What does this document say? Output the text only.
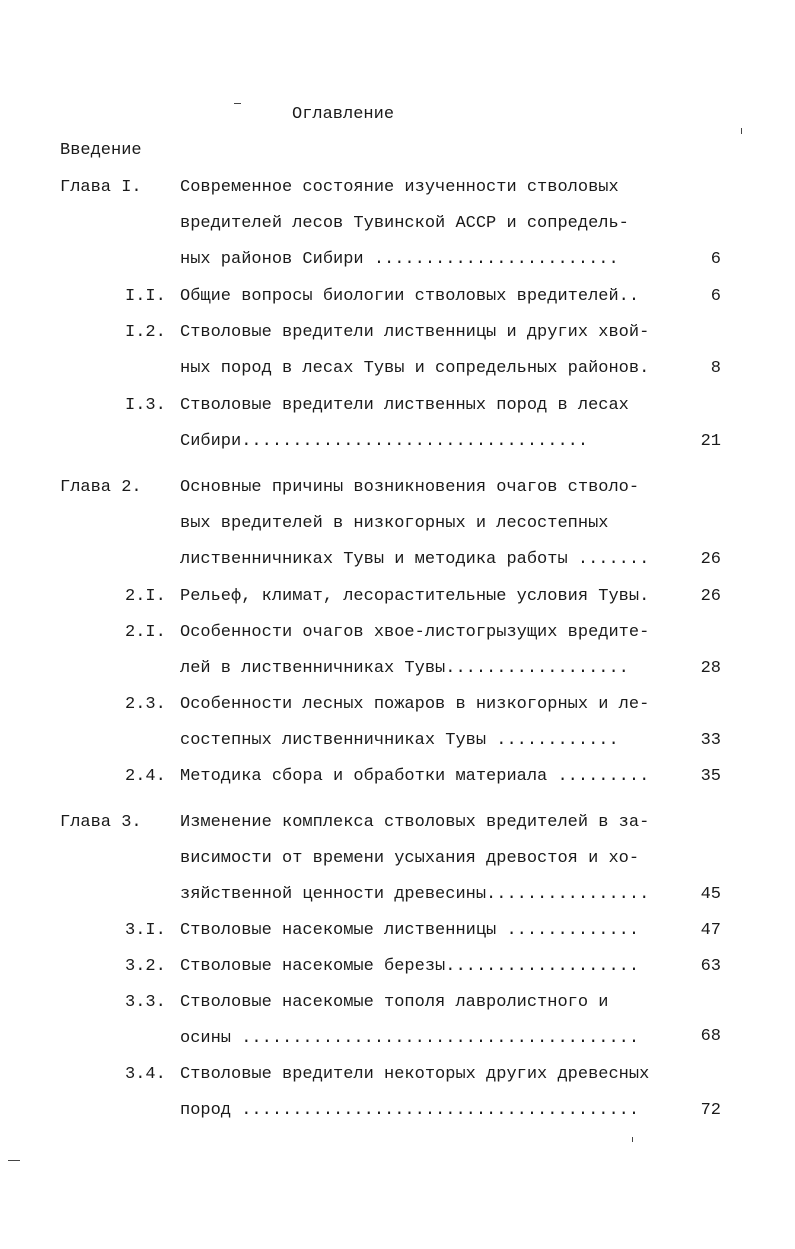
Оглавление
Введение
Глава I. Современное состояние изученности стволовых
вредителей лесов Тувинской АССР и сопредель-
ных районов Сибири ........................	6
I.I. Общие вопросы биологии стволовых вредителей..	6
I.2. Стволовые вредители лиственницы и других хвой-
ных пород в лесах Тувы и сопредельных районов.	8
I.3. Стволовые вредители лиственных пород в лесах
Сибири..................................	21
Глава 2. Основные причины возникновения очагов стволо-
вых вредителей в низкогорных и лесостепных
лиственничниках Тувы и методика работы .......	26
2.I. Рельеф, климат, лесорастительные условия Тувы.	26
2.I. Особенности очагов хвое-листогрызущих вредите-
лей в лиственничниках Тувы..................	28
2.3. Особенности лесных пожаров в низкогорных и ле-
состепных лиственничниках Тувы ............	33
2.4. Методика сбора и обработки материала .........	35
Глава 3. Изменение комплекса стволовых вредителей в за-
висимости от времени усыхания древостоя и хо-
зяйственной ценности древесины................	45
3.I. Стволовые насекомые лиственницы .............	47
3.2. Стволовые насекомые березы...................	63
3.3. Стволовые насекомые тополя лавролистного и
осины .......................................	68
3.4. Стволовые вредители некоторых других древесных
пород .......................................	72
